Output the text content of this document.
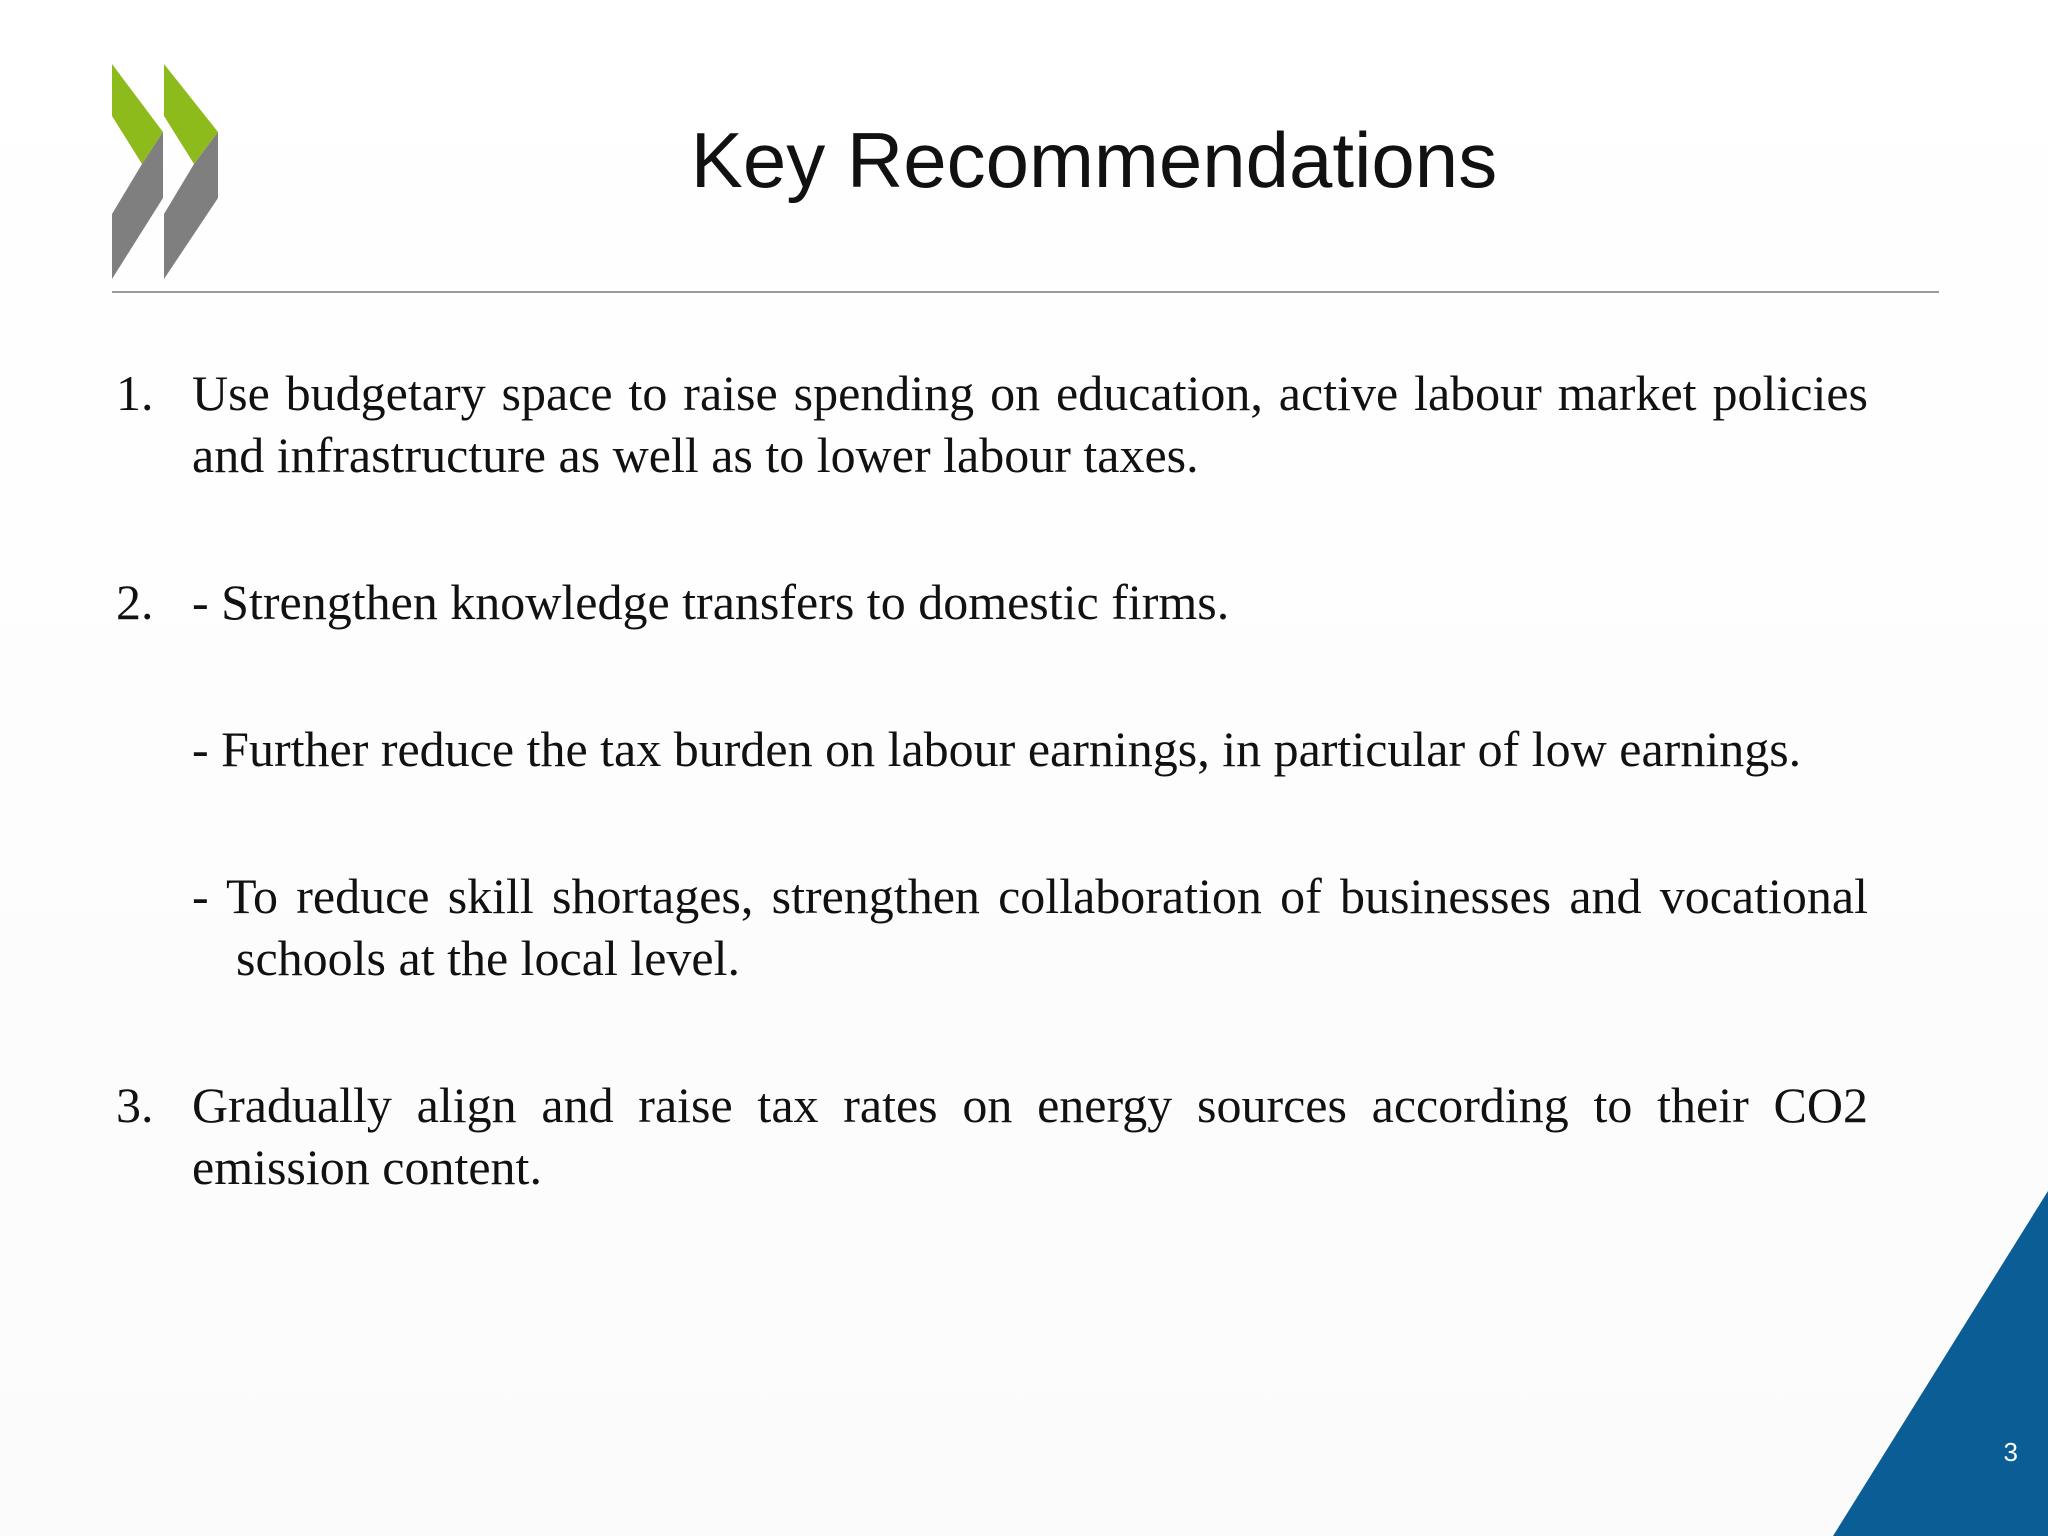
Key Recommendations
1. Use budgetary space to raise spending on education, active labour market policies and infrastructure as well as to lower labour taxes.
2. - Strengthen knowledge transfers to domestic firms.
- Further reduce the tax burden on labour earnings, in particular of low earnings.
- To reduce skill shortages, strengthen collaboration of businesses and vocational schools at the local level.
3. Gradually align and raise tax rates on energy sources according to their CO2 emission content.
3
